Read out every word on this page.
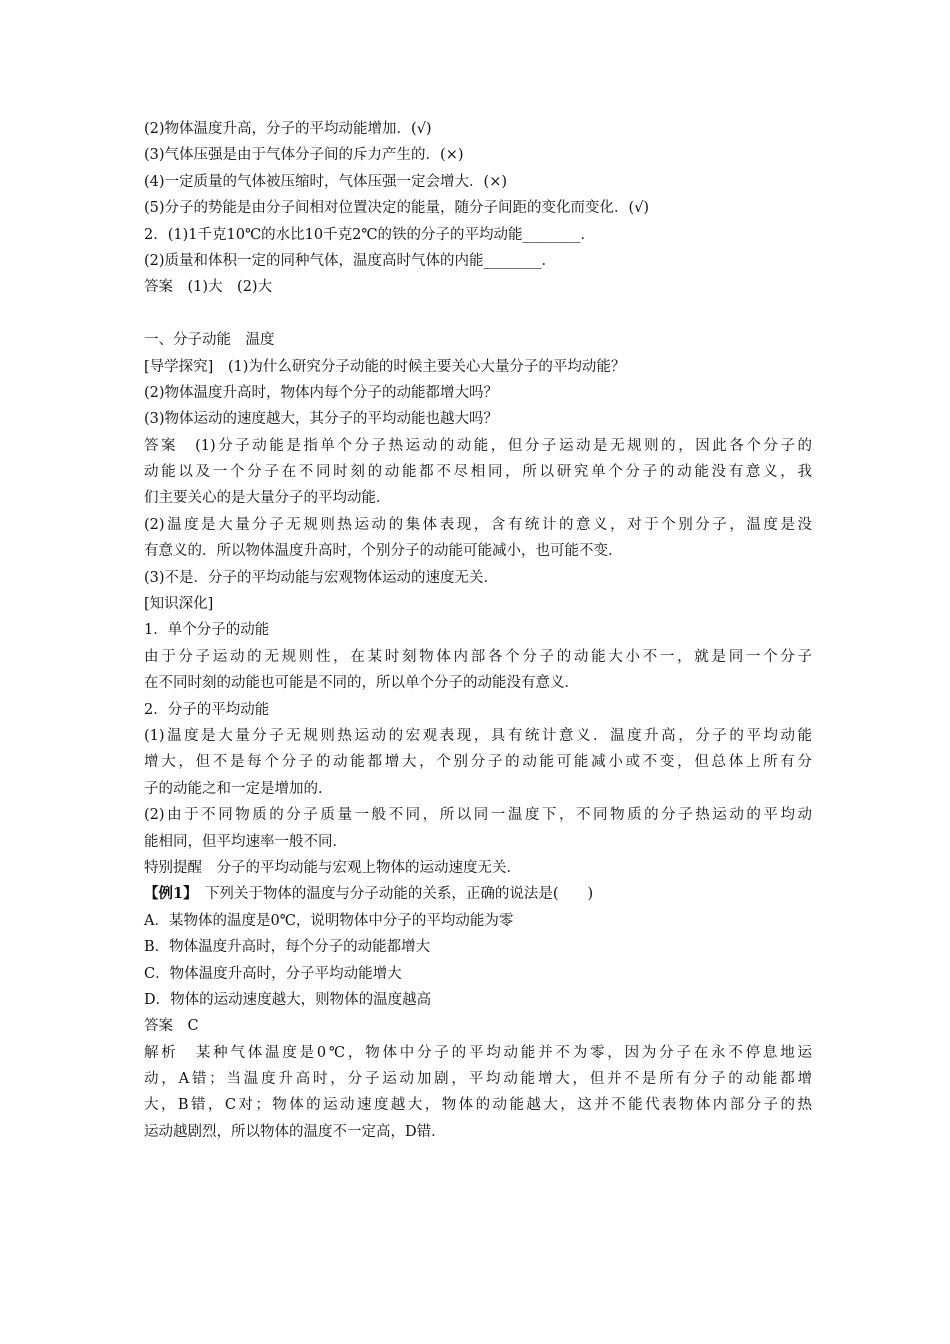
(2)物体温度升高，分子的平均动能增加．(√)
(3)气体压强是由于气体分子间的斥力产生的．(×)
(4)一定质量的气体被压缩时，气体压强一定会增大．(×)
(5)分子的势能是由分子间相对位置决定的能量，随分子间距的变化而变化．(√)
2．(1)1千克10℃的水比10千克2℃的铁的分子的平均动能________．
(2)质量和体积一定的同种气体，温度高时气体的内能________．
答案　(1)大　(2)大
一、分子动能　温度
[导学探究]　(1)为什么研究分子动能的时候主要关心大量分子的平均动能？
(2)物体温度升高时，物体内每个分子的动能都增大吗？
(3)物体运动的速度越大，其分子的平均动能也越大吗？
答案　(1)分子动能是指单个分子热运动的动能，但分子运动是无规则的，因此各个分子的
动能以及一个分子在不同时刻的动能都不尽相同，所以研究单个分子的动能没有意义，我
们主要关心的是大量分子的平均动能．
(2)温度是大量分子无规则热运动的集体表现，含有统计的意义，对于个别分子，温度是没
有意义的．所以物体温度升高时，个别分子的动能可能减小，也可能不变．
(3)不是．分子的平均动能与宏观物体运动的速度无关．
[知识深化]
1．单个分子的动能
由于分子运动的无规则性，在某时刻物体内部各个分子的动能大小不一，就是同一个分子
在不同时刻的动能也可能是不同的，所以单个分子的动能没有意义．
2．分子的平均动能
(1)温度是大量分子无规则热运动的宏观表现，具有统计意义．温度升高，分子的平均动能
增大，但不是每个分子的动能都增大，个别分子的动能可能减小或不变，但总体上所有分
子的动能之和一定是增加的．
(2)由于不同物质的分子质量一般不同，所以同一温度下，不同物质的分子热运动的平均动
能相同，但平均速率一般不同．
特别提醒　分子的平均动能与宏观上物体的运动速度无关．
【例1】　下列关于物体的温度与分子动能的关系，正确的说法是(　　)
A．某物体的温度是0℃，说明物体中分子的平均动能为零
B．物体温度升高时，每个分子的动能都增大
C．物体温度升高时，分子平均动能增大
D．物体的运动速度越大，则物体的温度越高
答案　C
解析　某种气体温度是0℃，物体中分子的平均动能并不为零，因为分子在永不停息地运
动，A错；当温度升高时，分子运动加剧，平均动能增大，但并不是所有分子的动能都增
大，B错，C对；物体的运动速度越大，物体的动能越大，这并不能代表物体内部分子的热
运动越剧烈，所以物体的温度不一定高，D错．
